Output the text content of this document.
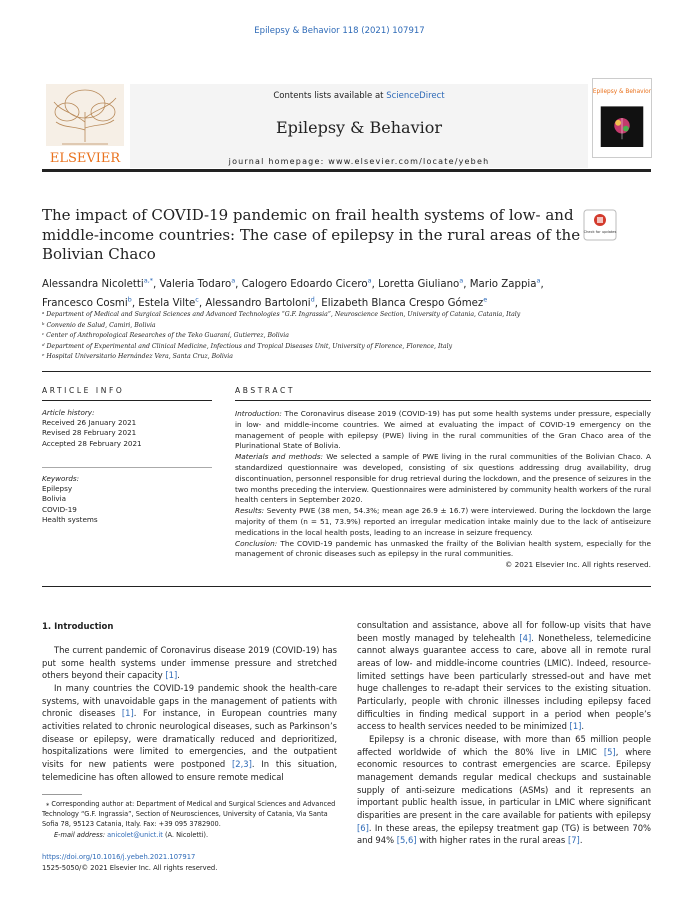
Epilepsy & Behavior 118 (2021) 107917
ELSEVIER
Contents lists available at ScienceDirect
Epilepsy & Behavior
journal homepage: www.elsevier.com/locate/yebeh
Epilepsy & Behavior
The impact of COVID-19 pandemic on frail health systems of low- and middle-income countries: The case of epilepsy in the rural areas of the Bolivian Chaco
Check for updates
Alessandra Nicoletti$^{a,*}$, Valeria Todaro$^a$, Calogero Edoardo Cicero$^a$, Loretta Giuliano$^a$, Mario Zappia$^a$,
Francesco Cosmi$^b$, Estela Vilte$^c$, Alessandro Bartoloni$^d$, Elizabeth Blanca Crespo Gómez$^e$
ᵃ Department of Medical and Surgical Sciences and Advanced Technologies “G.F. Ingrassia”, Neuroscience Section, University of Catania, Catania, Italy
ᵇ Convenio de Salud, Camiri, Bolivia
ᶜ Center of Anthropological Researches of the Teko Guaraní, Gutierrez, Bolivia
ᵈ Department of Experimental and Clinical Medicine, Infectious and Tropical Diseases Unit, University of Florence, Florence, Italy
ᵉ Hospital Universitario Hernández Vera, Santa Cruz, Bolivia
ARTICLE INFO	ABSTRACT
Article history:
Received 26 January 2021
Revised 28 February 2021
Accepted 28 February 2021
Keywords:
Epilepsy
Bolivia
COVID-19
Health systems

Introduction: The Coronavirus disease 2019 (COVID-19) has put some health systems under pressure, especially in low- and middle-income countries. We aimed at evaluating the impact of COVID-19 emergency on the management of people with epilepsy (PWE) living in the rural communities of the Gran Chaco area of the Plurinational State of Bolivia.

Materials and methods: We selected a sample of PWE living in the rural communities of the Bolivian Chaco. A standardized questionnaire was developed, consisting of six questions addressing drug availability, drug discontinuation, personnel responsible for drug retrieval during the lockdown, and the presence of seizures in the two months preceding the interview. Questionnaires were administered by community health workers of the rural health centers in September 2020.

Results: Seventy PWE (38 men, 54.3%; mean age 26.9 ± 16.7) were interviewed. During the lockdown the large majority of them (n = 51, 73.9%) reported an irregular medication intake mainly due to the lack of antiseizure medications in the local health posts, leading to an increase in seizure frequency.

Conclusion: The COVID-19 pandemic has unmasked the frailty of the Bolivian health system, especially for the management of chronic diseases such as epilepsy in the rural communities.

© 2021 Elsevier Inc. All rights reserved.

1. Introduction

The current pandemic of Coronavirus disease 2019 (COVID-19) has put some health systems under immense pressure and stretched others beyond their capacity [1].

In many countries the COVID-19 pandemic shook the health-care systems, with unavoidable gaps in the management of patients with chronic diseases [1]. For instance, in European countries many activities related to chronic neurological diseases, such as Parkinson’s disease or epilepsy, were dramatically reduced and deprioritized, hospitalizations were limited to emergencies, and the outpatient visits for new patients were postponed [2,3]. In this situation, telemedicine has often allowed to ensure remote medical

consultation and assistance, above all for follow-up visits that have been mostly managed by telehealth [4]. Nonetheless, telemedicine cannot always guarantee access to care, above all in remote rural areas of low- and middle-income countries (LMIC). Indeed, resource-limited settings have been particularly stressed-out and have met huge challenges to re-adapt their services to the existing situation. Particularly, people with chronic illnesses including epilepsy faced difficulties in finding medical support in a period when people’s access to health services needed to be minimized [1].

Epilepsy is a chronic disease, with more than 65 million people affected worldwide of which the 80% live in LMIC [5], where economic resources to contrast emergencies are scarce. Epilepsy management demands regular medical checkups and sustainable supply of anti-seizure medications (ASMs) and it represents an important public health issue, in particular in LMIC where significant disparities are present in the care available for patients with epilepsy [6]. In these areas, the epilepsy treatment gap (TG) is between 70% and 94% [5,6] with higher rates in the rural areas [7].

⁎ Corresponding author at: Department of Medical and Surgical Sciences and Advanced Technology “G.F. Ingrassia”, Section of Neurosciences, University of Catania, Via Santa Sofia 78, 95123 Catania, Italy. Fax: +39 095 3782900.
E-mail address: anicolet@unict.it (A. Nicoletti).
https://doi.org/10.1016/j.yebeh.2021.107917
1525-5050/© 2021 Elsevier Inc. All rights reserved.
